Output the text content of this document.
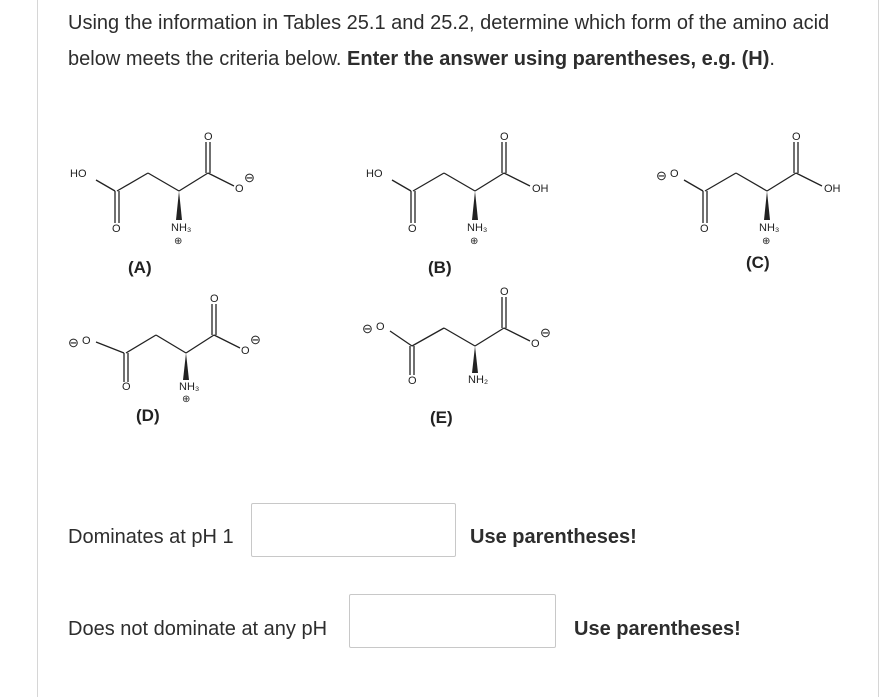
Using the information in Tables 25.1 and 25.2, determine which form of the amino acid below meets the criteria below. Enter the answer using parentheses, e.g. (H).
HO
O
O
O
⊖
NH₃
⊕
(A)
HO
O
O
OH
NH₃
⊕
(B)
⊖ O
O
O
OH
NH₃
⊕
(C)
⊖ O
O
O
O
⊖
NH₃
⊕
(D)
⊖ O
O
O
O
⊖
NH₂
(E)
Dominates at pH 1	Use parentheses!
Does not dominate at any pH	Use parentheses!
